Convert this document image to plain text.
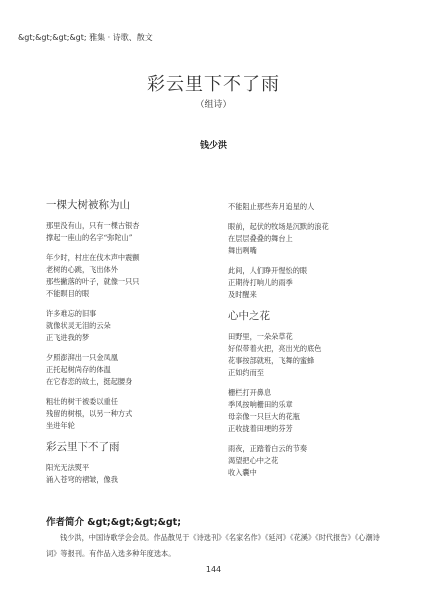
&gt;&gt;&gt;&gt; 雅集 · 诗歌、散文
彩云里下不了雨
（组诗）
钱少洪
一棵大树被称为山
那里没有山，只有一棵古银杏
撑起一座山的名字“弥陀山”
年少时，村庄在伐木声中震颤
老树的心跳，飞出体外
那些撇落的叶子，就像一只只
不能瞑目的眼
许多难忘的旧事
就像状灵无泪的云朵
正飞进我的梦
夕照澎湃出一只金凤凰
正托起树尚存的体温
在它春恋的故土，挺起腰身
粗壮的树干被委以重任
残留的树根，以另一种方式
坐进年轮
彩云里下不了雨
阳光无法熨平
涌入苍穹的褶皱，像我
不能阻止那些奔月追星的人
眼前，起伏的牧场是沉默的浪花
在层层叠叠的舞台上
舞出咧嘴
此间，人们睁开惺忪的眼
正期待打响儿的雨季
及时醒来
心中之花
田野里，一朵朵草花
好似带着火把，亮出光的底色
花事按部就班，飞舞的蜜蜂
正如约而至
栅栏打开鼻息
季风按响栅田的乐章
母亲像一只巨大的花瓶
正收拢着田埂的芬芳
雨夜，正踏着白云的节奏
渴望把心中之花
收入囊中
作者简介 &gt;&gt;&gt;&gt;
钱少洪，中国诗歌学会会员。作品散见于《诗选刊》《名家名作》《延河》《花溪》《时代报告》《心潮诗词》等报刊。有作品入选多种年度选本。
144
